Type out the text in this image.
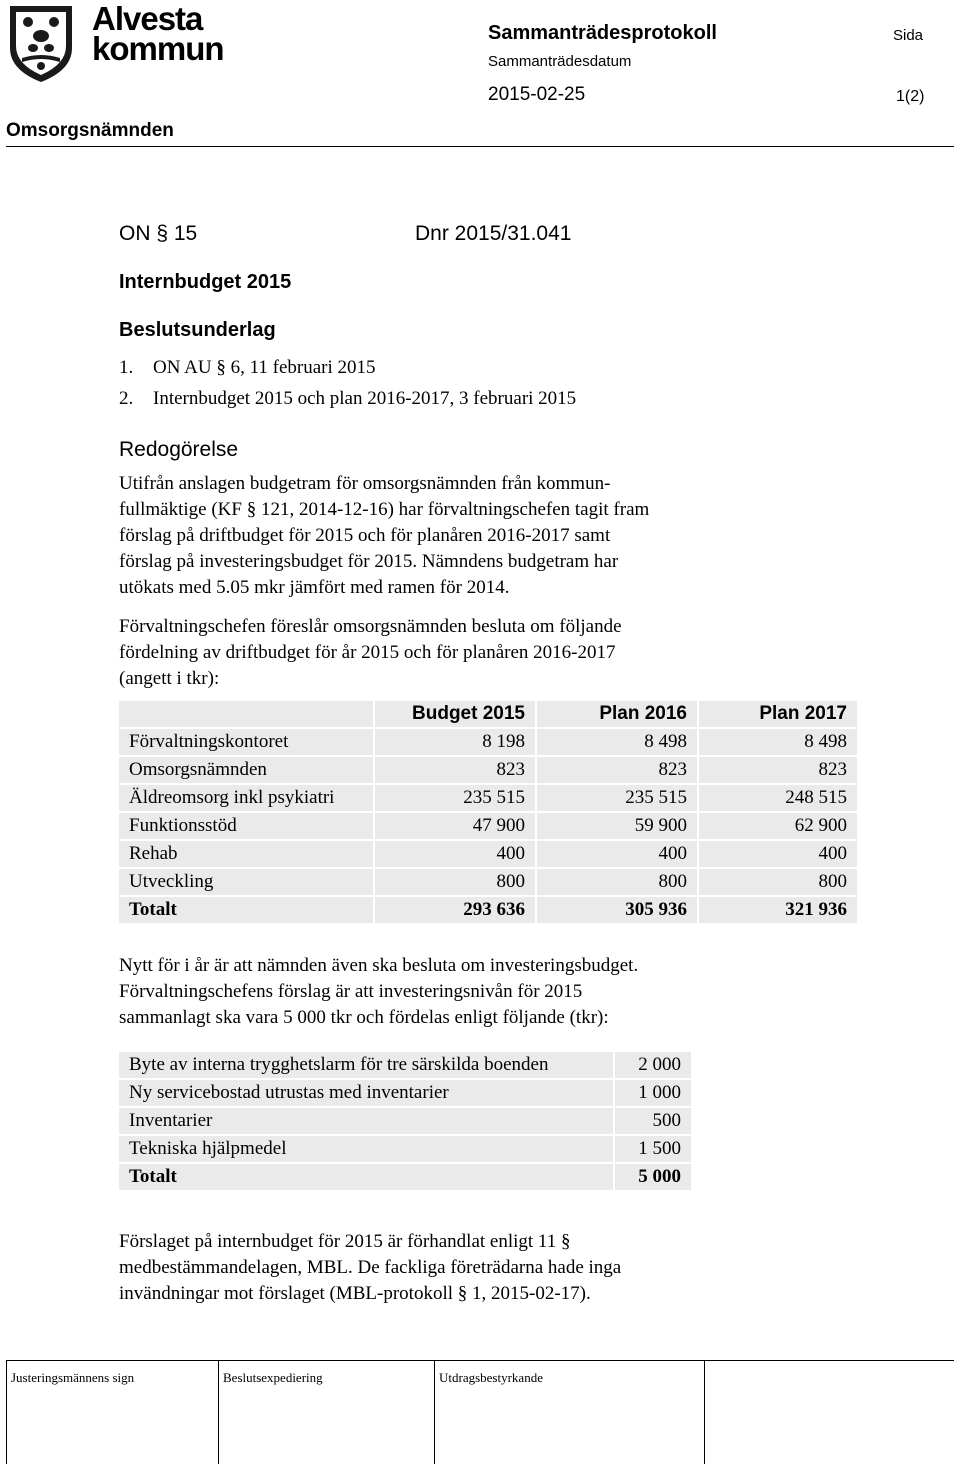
Alvesta
kommun	Sammanträdesprotokoll	Sida
Sammanträdesdatum
2015-02-25	1(2)
Omsorgsnämnden
ON § 15	Dnr 2015/31.041
Internbudget 2015
Beslutsunderlag
1. ON AU § 6, 11 februari 2015
2. Internbudget 2015 och plan 2016-2017, 3 februari 2015
Redogörelse
Utifrån anslagen budgetram för omsorgsnämnden från kommun-
fullmäktige (KF § 121, 2014-12-16) har förvaltningschefen tagit fram
förslag på driftbudget för 2015 och för planåren 2016-2017 samt
förslag på investeringsbudget för 2015. Nämndens budgetram har
utökats med 5.05 mkr jämfört med ramen för 2014.
Förvaltningschefen föreslår omsorgsnämnden besluta om följande
fördelning av driftbudget för år 2015 och för planåren 2016-2017
(angett i tkr):
	Budget 2015	Plan 2016	Plan 2017
Förvaltningskontoret	8 198	8 498	8 498
Omsorgsnämnden	823	823	823
Äldreomsorg inkl psykiatri	235 515	235 515	248 515
Funktionsstöd	47 900	59 900	62 900
Rehab	400	400	400
Utveckling	800	800	800
Totalt	293 636	305 936	321 936
Nytt för i år är att nämnden även ska besluta om investeringsbudget.
Förvaltningschefens förslag är att investeringsnivån för 2015
sammanlagt ska vara 5 000 tkr och fördelas enligt följande (tkr):
Byte av interna trygghetslarm för tre särskilda boenden	2 000
Ny servicebostad utrustas med inventarier	1 000
Inventarier	500
Tekniska hjälpmedel	1 500
Totalt	5 000
Förslaget på internbudget för 2015 är förhandlat enligt 11 §
medbestämmandelagen, MBL. De fackliga företrädarna hade inga
invändningar mot förslaget (MBL-protokoll § 1, 2015-02-17).
Justeringsmännens sign	Beslutsexpediering	Utdragsbestyrkande
